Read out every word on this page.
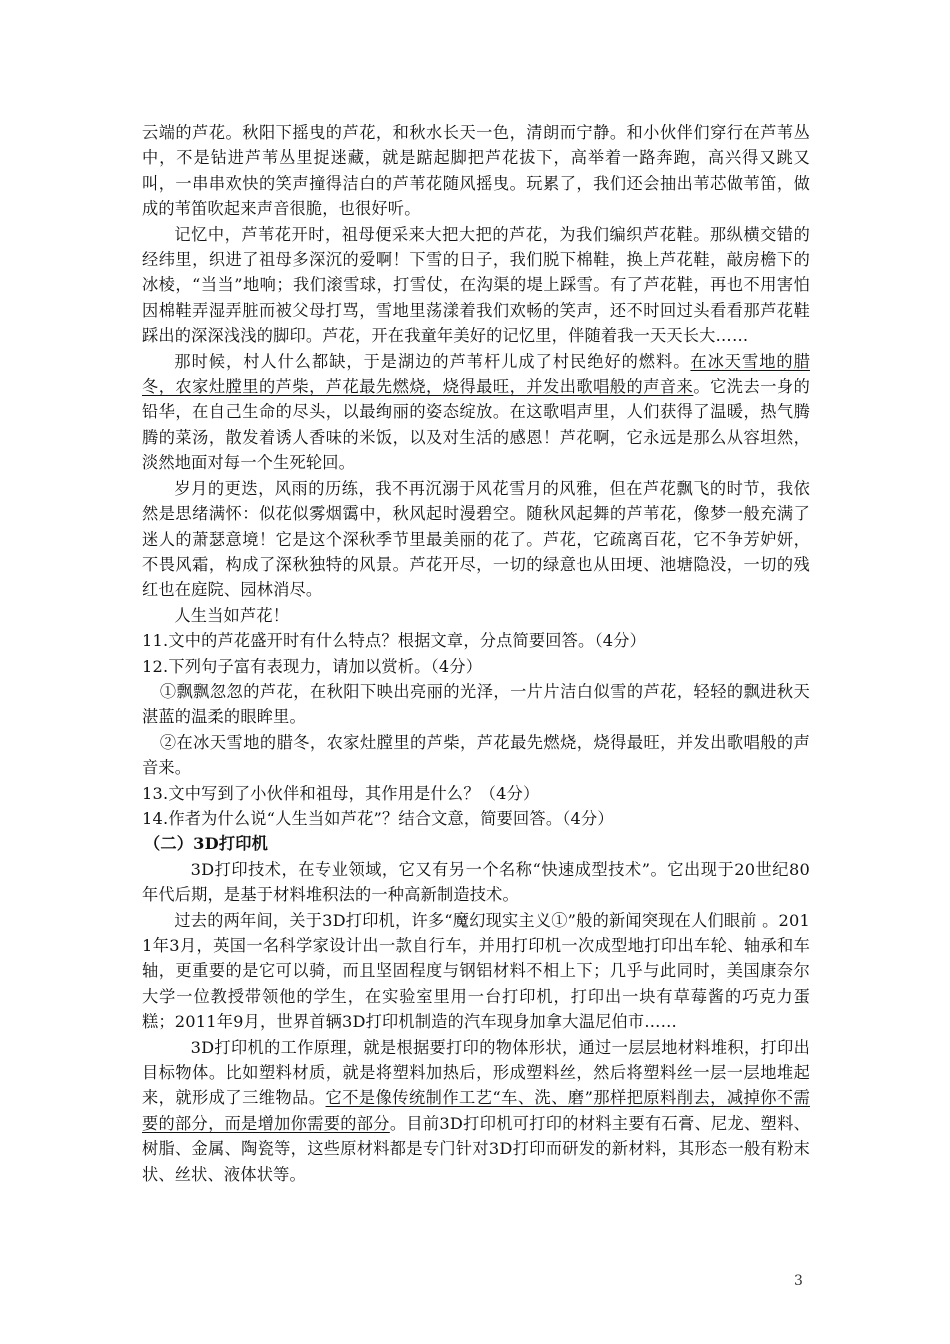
云端的芦花。秋阳下摇曳的芦花，和秋水长天一色，清朗而宁静。和小伙伴们穿行在芦苇丛中，不是钻进芦苇丛里捉迷藏，就是踮起脚把芦花拔下，高举着一路奔跑，高兴得又跳又叫，一串串欢快的笑声撞得洁白的芦苇花随风摇曳。玩累了，我们还会抽出苇芯做苇笛，做成的苇笛吹起来声音很脆，也很好听。

记忆中，芦苇花开时，祖母便采来大把大把的芦花，为我们编织芦花鞋。那纵横交错的经纬里，织进了祖母多深沉的爱啊！下雪的日子，我们脱下棉鞋，换上芦花鞋，敲房檐下的冰棱，“当当”地响；我们滚雪球，打雪仗，在沟渠的堤上踩雪。有了芦花鞋，再也不用害怕因棉鞋弄湿弄脏而被父母打骂，雪地里荡漾着我们欢畅的笑声，还不时回过头看看那芦花鞋踩出的深深浅浅的脚印。芦花，开在我童年美好的记忆里，伴随着我一天天长大……

那时候，村人什么都缺，于是湖边的芦苇杆儿成了村民绝好的燃料。在冰天雪地的腊冬，农家灶膛里的芦柴，芦花最先燃烧，烧得最旺，并发出歌唱般的声音来。它洗去一身的铅华，在自己生命的尽头，以最绚丽的姿态绽放。在这歌唱声里，人们获得了温暖，热气腾腾的菜汤，散发着诱人香味的米饭，以及对生活的感恩！芦花啊，它永远是那么从容坦然，淡然地面对每一个生死轮回。

岁月的更迭，风雨的历练，我不再沉溺于风花雪月的风雅，但在芦花飘飞的时节，我依然是思绪满怀：似花似雾烟霭中，秋风起时漫碧空。随秋风起舞的芦苇花，像梦一般充满了迷人的萧瑟意境！它是这个深秋季节里最美丽的花了。芦花，它疏离百花，它不争芳妒妍，不畏风霜，构成了深秋独特的风景。芦花开尽，一切的绿意也从田埂、池塘隐没，一切的残红也在庭院、园林消尽。

人生当如芦花！

11.文中的芦花盛开时有什么特点？根据文章，分点简要回答。（4分）

12.下列句子富有表现力，请加以赏析。（4分）

①飘飘忽忽的芦花，在秋阳下映出亮丽的光泽，一片片洁白似雪的芦花，轻轻的飘进秋天湛蓝的温柔的眼眸里。

②在冰天雪地的腊冬，农家灶膛里的芦柴，芦花最先燃烧，烧得最旺，并发出歌唱般的声音来。

13.文中写到了小伙伴和祖母，其作用是什么？（4分）

14.作者为什么说“人生当如芦花”？结合文意，简要回答。（4分）

（二）3D打印机

3D打印技术，在专业领域，它又有另一个名称“快速成型技术”。它出现于20世纪80年代后期，是基于材料堆积法的一种高新制造技术。

过去的两年间，关于3D打印机，许多“魔幻现实主义①”般的新闻突现在人们眼前 。2011年3月，英国一名科学家设计出一款自行车，并用打印机一次成型地打印出车轮、轴承和车轴，更重要的是它可以骑，而且坚固程度与钢铝材料不相上下；几乎与此同时，美国康奈尔大学一位教授带领他的学生，在实验室里用一台打印机，打印出一块有草莓酱的巧克力蛋糕；2011年9月，世界首辆3D打印机制造的汽车现身加拿大温尼伯市……

3D打印机的工作原理，就是根据要打印的物体形状，通过一层层地材料堆积，打印出目标物体。比如塑料材质，就是将塑料加热后，形成塑料丝，然后将塑料丝一层一层地堆起来，就形成了三维物品。它不是像传统制作工艺“车、洗、磨”那样把原料削去，减掉你不需要的部分，而是增加你需要的部分。目前3D打印机可打印的材料主要有石膏、尼龙、塑料、树脂、金属、陶瓷等，这些原材料都是专门针对3D打印而研发的新材料，其形态一般有粉末状、丝状、液体状等。

3
